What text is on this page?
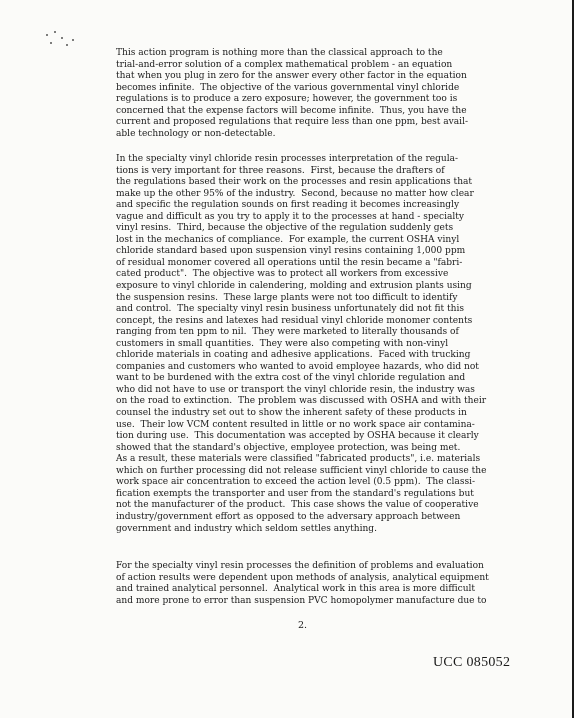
This action program is nothing more than the classical approach to the
trial-and-error solution of a complex mathematical problem - an equation
that when you plug in zero for the answer every other factor in the equation
becomes infinite.  The objective of the various governmental vinyl chloride
regulations is to produce a zero exposure; however, the government too is
concerned that the expense factors will become infinite.  Thus, you have the
current and proposed regulations that require less than one ppm, best avail-
able technology or non-detectable.
In the specialty vinyl chloride resin processes interpretation of the regula-
tions is very important for three reasons.  First, because the drafters of
the regulations based their work on the processes and resin applications that
make up the other 95% of the industry.  Second, because no matter how clear
and specific the regulation sounds on first reading it becomes increasingly
vague and difficult as you try to apply it to the processes at hand - specialty
vinyl resins.  Third, because the objective of the regulation suddenly gets
lost in the mechanics of compliance.  For example, the current OSHA vinyl
chloride standard based upon suspension vinyl resins containing 1,000 ppm
of residual monomer covered all operations until the resin became a "fabri-
cated product".  The objective was to protect all workers from excessive
exposure to vinyl chloride in calendering, molding and extrusion plants using
the suspension resins.  These large plants were not too difficult to identify
and control.  The specialty vinyl resin business unfortunately did not fit this
concept, the resins and latexes had residual vinyl chloride monomer contents
ranging from ten ppm to nil.  They were marketed to literally thousands of
customers in small quantities.  They were also competing with non-vinyl
chloride materials in coating and adhesive applications.  Faced with trucking
companies and customers who wanted to avoid employee hazards, who did not
want to be burdened with the extra cost of the vinyl chloride regulation and
who did not have to use or transport the vinyl chloride resin, the industry was
on the road to extinction.  The problem was discussed with OSHA and with their
counsel the industry set out to show the inherent safety of these products in
use.  Their low VCM content resulted in little or no work space air contamina-
tion during use.  This documentation was accepted by OSHA because it clearly
showed that the standard's objective, employee protection, was being met.
As a result, these materials were classified "fabricated products", i.e. materials
which on further processing did not release sufficient vinyl chloride to cause the
work space air concentration to exceed the action level (0.5 ppm).  The classi-
fication exempts the transporter and user from the standard's regulations but
not the manufacturer of the product.  This case shows the value of cooperative
industry/government effort as opposed to the adversary approach between
government and industry which seldom settles anything.
For the specialty vinyl resin processes the definition of problems and evaluation
of action results were dependent upon methods of analysis, analytical equipment
and trained analytical personnel.  Analytical work in this area is more difficult
and more prone to error than suspension PVC homopolymer manufacture due to
2.
UCC 085052
